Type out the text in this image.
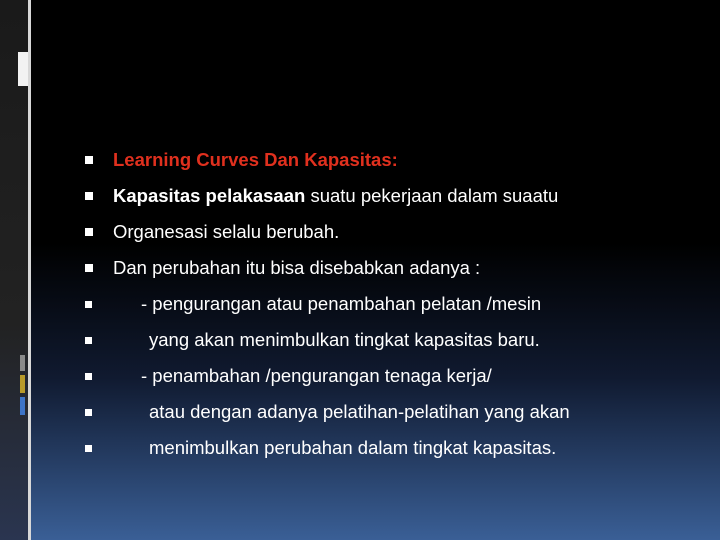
Learning Curves Dan Kapasitas:
Kapasitas pelakasaan suatu pekerjaan dalam suaatu
Organesasi selalu berubah.
Dan perubahan itu bisa disebabkan adanya :
- pengurangan atau penambahan pelatan /mesin
yang akan menimbulkan tingkat kapasitas baru.
- penambahan /pengurangan tenaga kerja/
atau dengan adanya pelatihan-pelatihan yang akan
menimbulkan perubahan dalam tingkat kapasitas.
